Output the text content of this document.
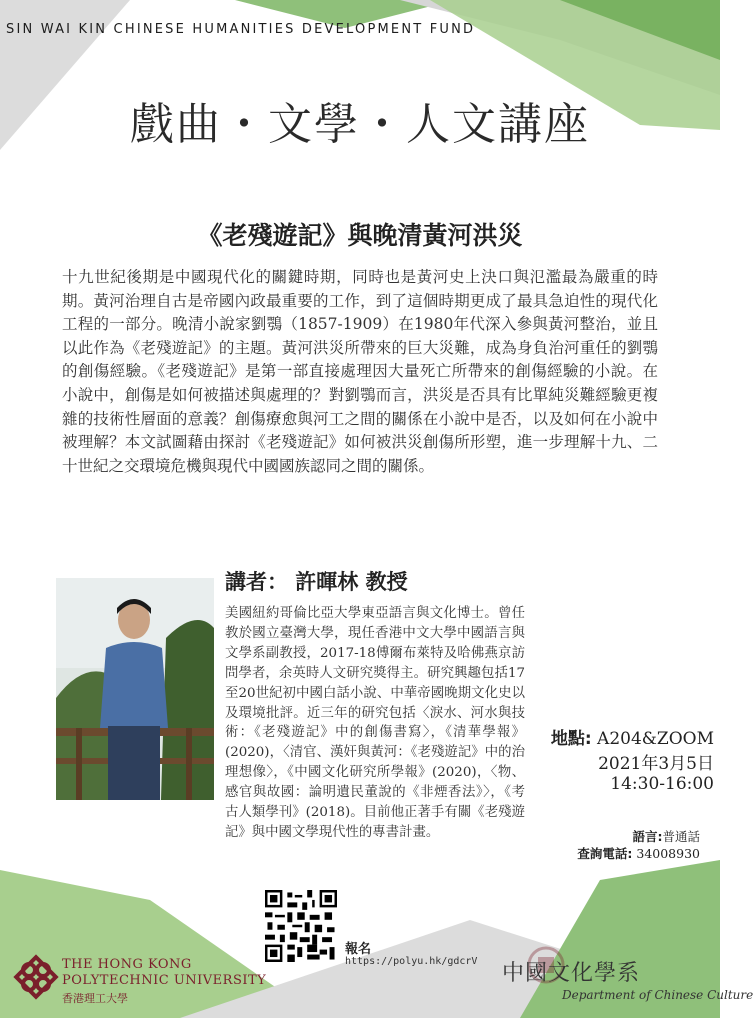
SIN WAI KIN CHINESE HUMANITIES DEVELOPMENT FUND
戲曲・文學・人文講座
《老殘遊記》與晚清黃河洪災
十九世紀後期是中國現代化的關鍵時期，同時也是黃河史上決口與氾濫最為嚴重的時期。黃河治理自古是帝國內政最重要的工作，到了這個時期更成了最具急迫性的現代化工程的一部分。晚清小說家劉鶚（1857-1909）在1980年代深入參與黃河整治，並且以此作為《老殘遊記》的主題。黃河洪災所帶來的巨大災難，成為身負治河重任的劉鶚的創傷經驗。《老殘遊記》是第一部直接處理因大量死亡所帶來的創傷經驗的小說。在小說中，創傷是如何被描述與處理的？對劉鶚而言，洪災是否具有比單純災難經驗更複雜的技術性層面的意義？創傷療愈與河工之間的關係在小說中是否，以及如何在小說中被理解？本文試圖藉由探討《老殘遊記》如何被洪災創傷所形塑，進一步理解十九、二十世紀之交環境危機與現代中國國族認同之間的關係。
講者： 許暉林 教授
美國紐約哥倫比亞大學東亞語言與文化博士。曾任教於國立臺灣大學，現任香港中文大學中國語言與文學系副教授，2017-18傅爾布萊特及哈佛燕京訪問學者，余英時人文研究獎得主。研究興趣包括17至20世紀初中國白話小說、中華帝國晚期文化史以及環境批評。近三年的研究包括〈淚水、河水與技術：《老殘遊記》中的創傷書寫〉，《清華學報》(2020)，〈清官、漢奸與黃河：《老殘遊記》中的治理想像〉，《中國文化研究所學報》(2020)，〈物、感官與故國：論明遺民董說的《非煙香法》〉，《考古人類學刊》(2018)。目前他正著手有關《老殘遊記》與中國文學現代性的專書計畫。
地點: A204&ZOOM
2021年3月5日
14:30-16:00
語言:普通話
查詢電話: 34008930
報名
https://polyu.hk/gdcrV
THE HONG KONG
POLYTECHNIC UNIVERSITY
香港理工大學
中國文化學系
Department of Chinese Culture
